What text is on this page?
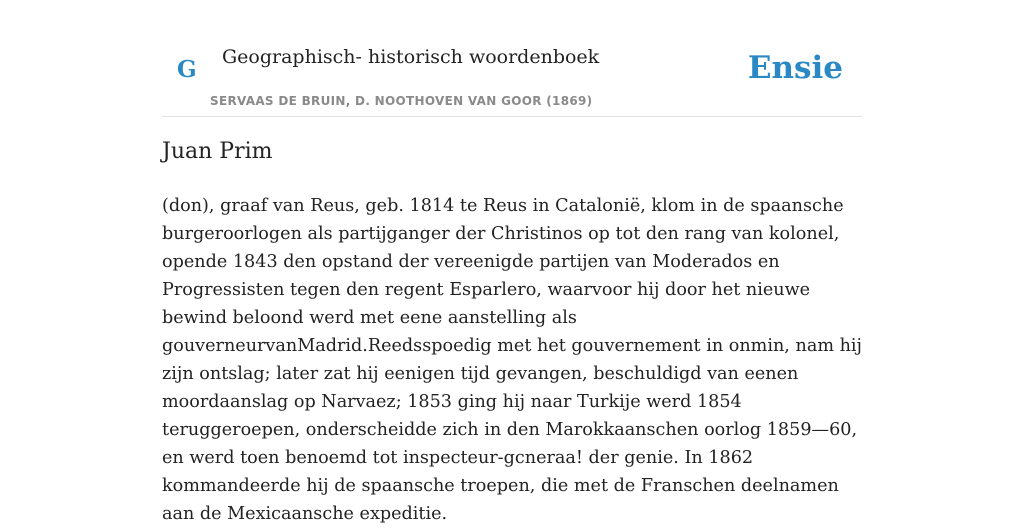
G Geographisch- historisch woordenboek
SERVAAS DE BRUIN, D. NOOTHOVEN VAN GOOR (1869)
Ensie
Juan Prim

(don), graaf van Reus, geb. 1814 te Reus in Catalonië, klom in de spaansche burgeroorlogen als partijganger der Christinos op tot den rang van kolonel, opende 1843 den opstand der vereenigde partijen van Moderados en Progressisten tegen den regent Esparlero, waarvoor hij door het nieuwe bewind beloond werd met eene aanstelling als gouverneurvanMadrid.Reedsspoedig met het gouvernement in onmin, nam hij zijn ontslag; later zat hij eenigen tijd gevangen, beschuldigd van eenen moordaanslag op Narvaez; 1853 ging hij naar Turkije werd 1854 teruggeroepen, onderscheidde zich in den Marokkaanschen oorlog 1859—60, en werd toen benoemd tot inspecteur-gcneraa! der genie. In 1862 kommandeerde hij de spaansche troepen, die met de Franschen deelnamen aan de Mexicaansche expeditie.
